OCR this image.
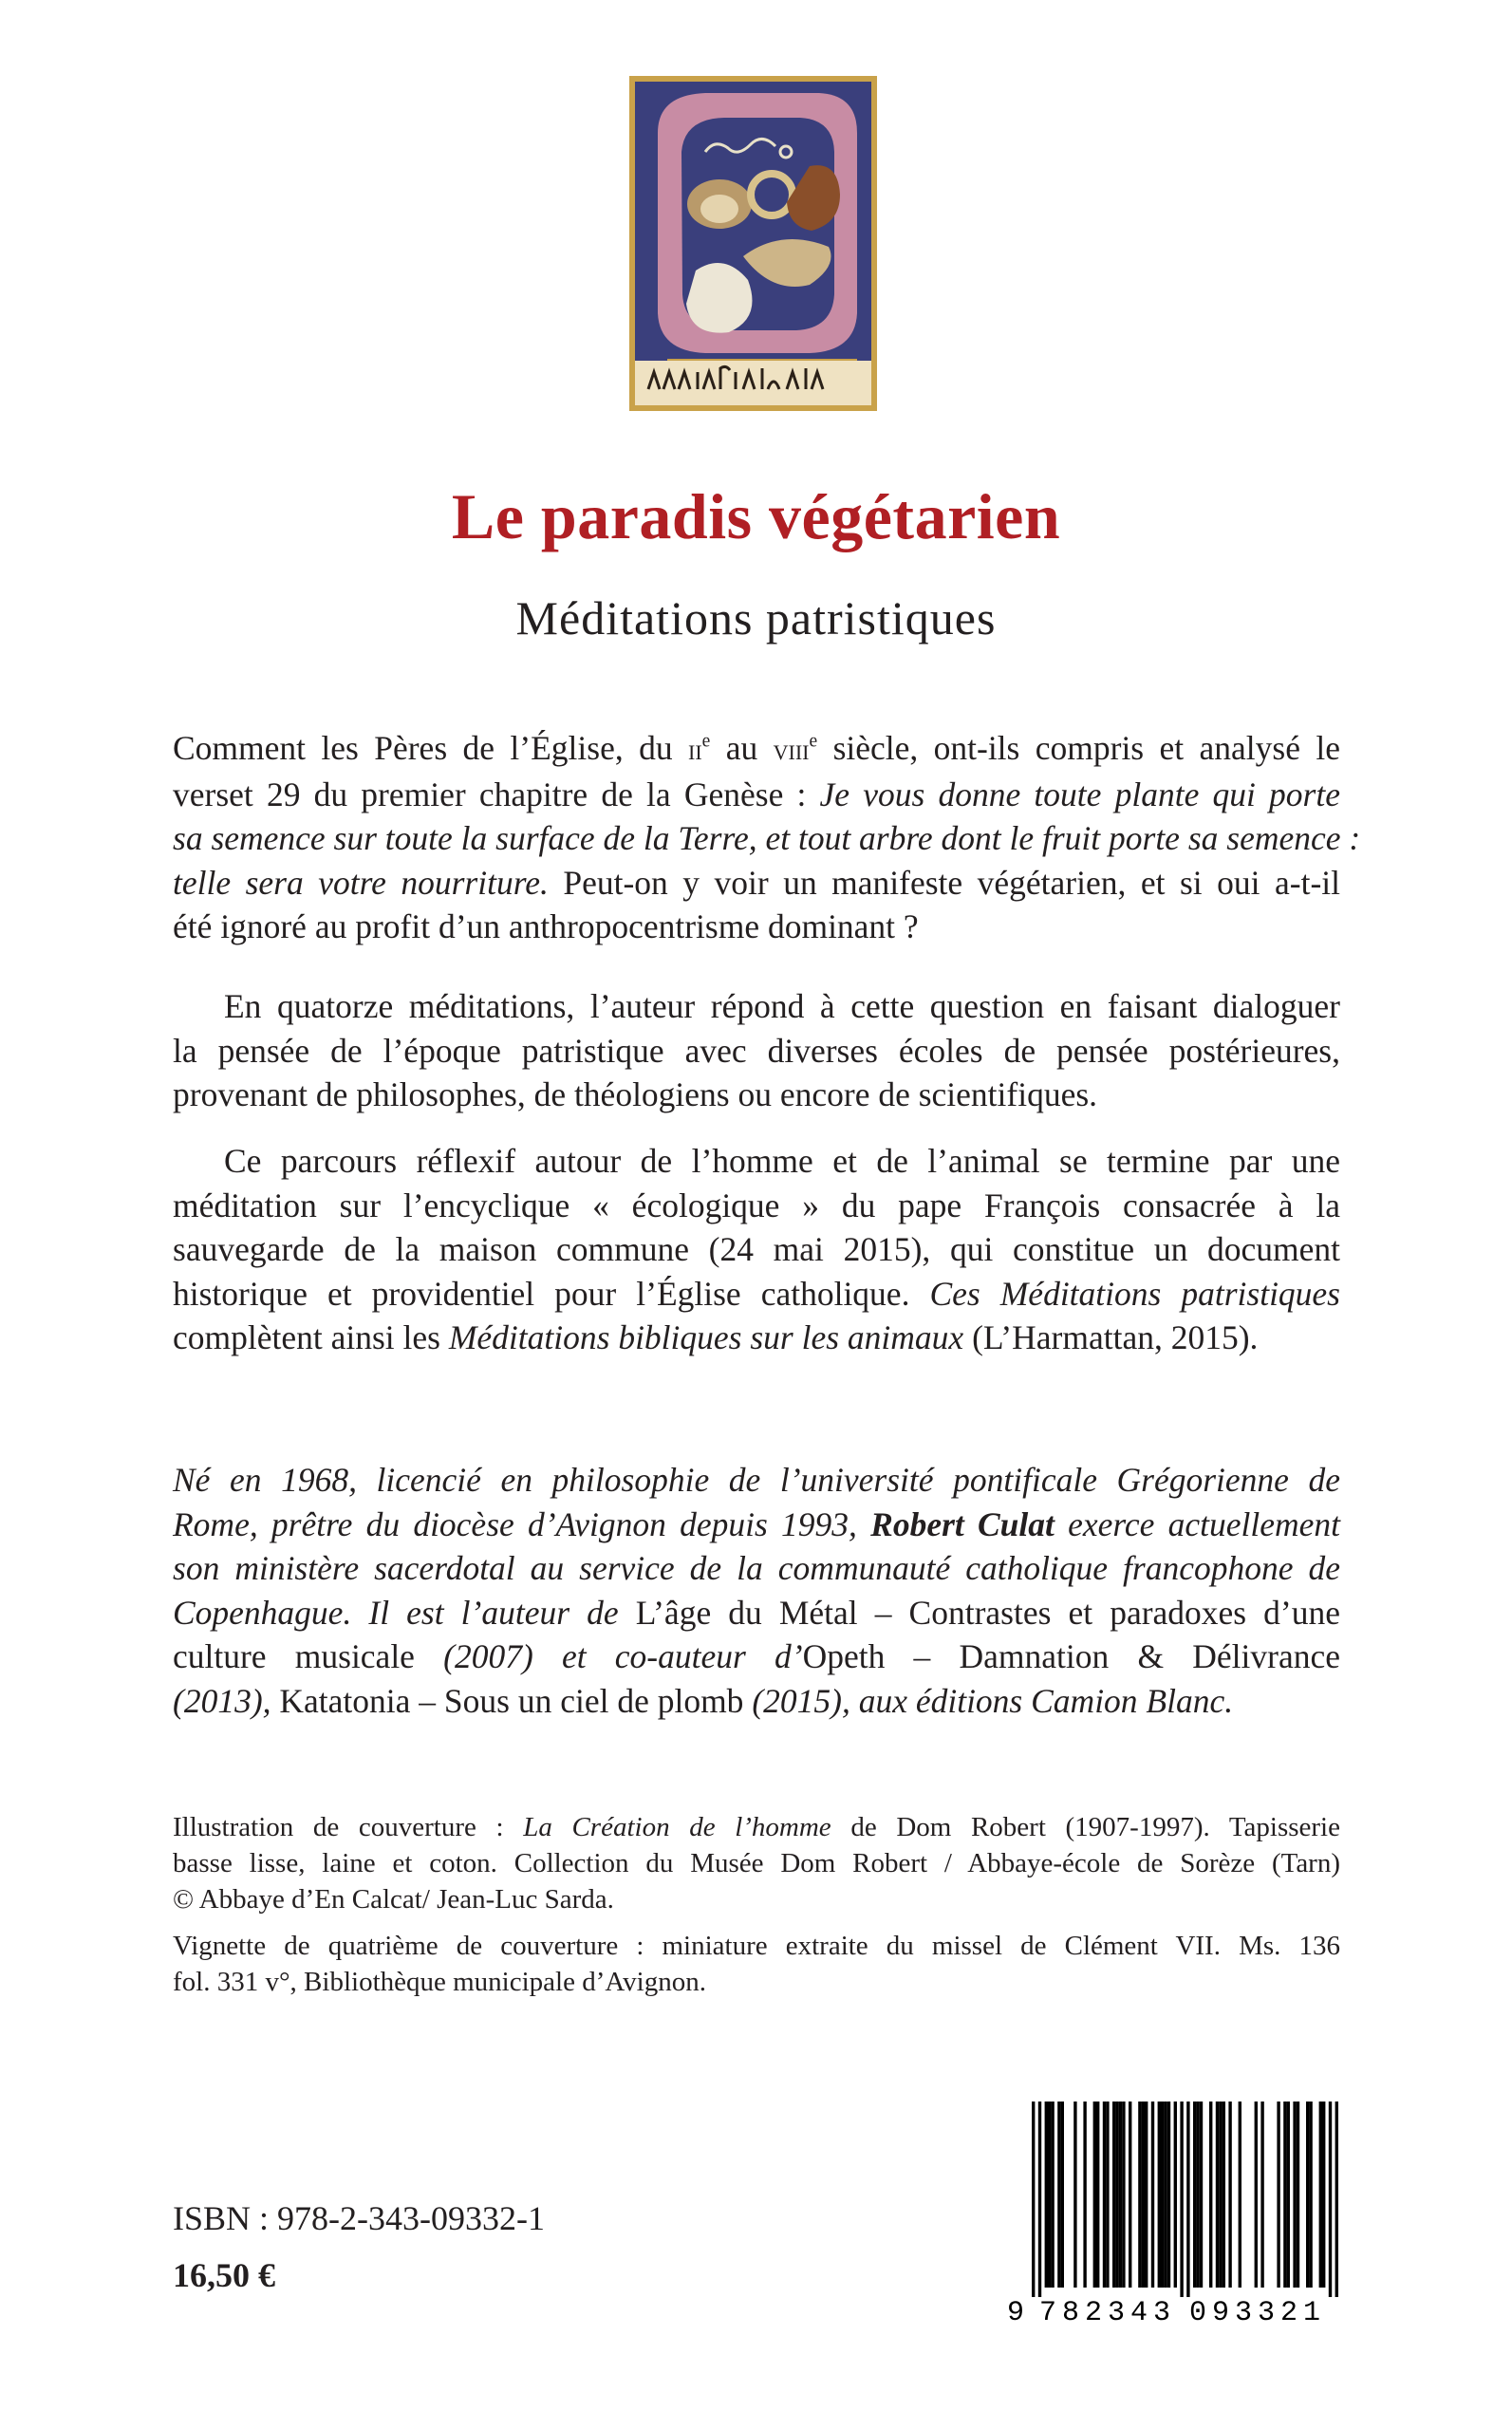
Le paradis végétarien
Méditations patristiques
Comment les Pères de l’Église, du $ii^e$ au viii$^e$ siècle, ont-ils compris et analysé le
verset 29 du premier chapitre de la Genèse : Je vous donne toute plante qui porte
sa semence sur toute la surface de la Terre, et tout arbre dont le fruit porte sa semence :
telle sera votre nourriture. Peut-on y voir un manifeste végétarien, et si oui a-t-il
été ignoré au profit d’un anthropocentrisme dominant ?
En quatorze méditations, l’auteur répond à cette question en faisant dialoguer
la pensée de l’époque patristique avec diverses écoles de pensée postérieures,
provenant de philosophes, de théologiens ou encore de scientifiques.
Ce parcours réflexif autour de l’homme et de l’animal se termine par une
méditation sur l’encyclique « écologique » du pape François consacrée à la
sauvegarde de la maison commune (24 mai 2015), qui constitue un document
historique et providentiel pour l’Église catholique. Ces Méditations patristiques
complètent ainsi les Méditations bibliques sur les animaux (L’Harmattan, 2015).
Né en 1968, licencié en philosophie de l’université pontificale Grégorienne de
Rome, prêtre du diocèse d’Avignon depuis 1993, Robert Culat exerce actuellement
son ministère sacerdotal au service de la communauté catholique francophone de
Copenhague. Il est l’auteur de L’âge du Métal – Contrastes et paradoxes d’une
culture musicale (2007) et co-auteur d’Opeth – Damnation & Délivrance
(2013), Katatonia – Sous un ciel de plomb (2015), aux éditions Camion Blanc.
Illustration de couverture : La Création de l’homme de Dom Robert (1907-1997). Tapisserie
basse lisse, laine et coton. Collection du Musée Dom Robert / Abbaye-école de Sorèze (Tarn)
© Abbaye d’En Calcat/ Jean-Luc Sarda.
Vignette de quatrième de couverture : miniature extraite du missel de Clément VII. Ms. 136
fol. 331 v°, Bibliothèque municipale d’Avignon.
ISBN : 978-2-343-09332-1
16,50 €
9 782343 093321
